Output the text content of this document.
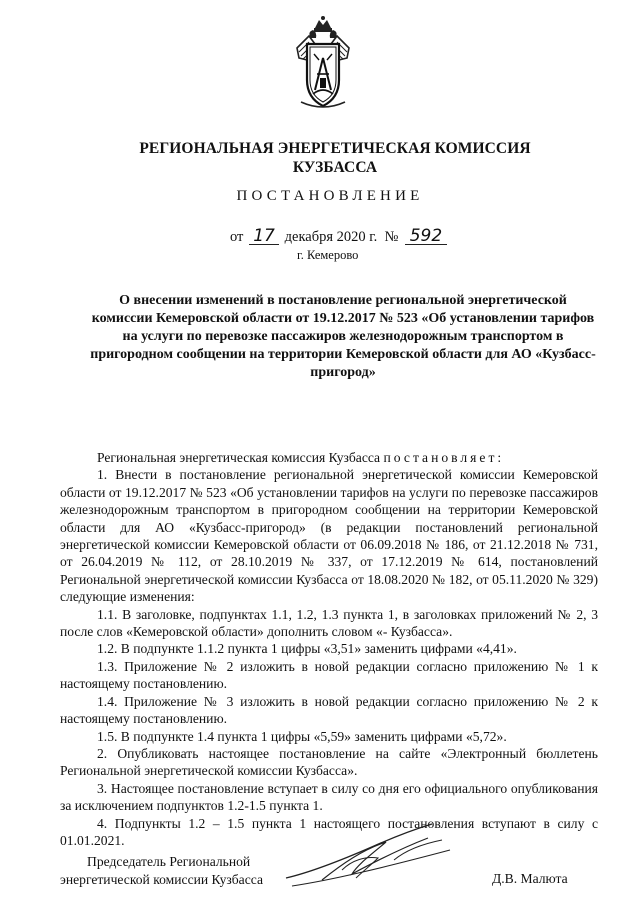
РЕГИОНАЛЬНАЯ ЭНЕРГЕТИЧЕСКАЯ КОМИССИЯ
КУЗБАССА
ПОСТАНОВЛЕНИЕ
от 17 декабря 2020 г. № 592
г. Кемерово
О внесении изменений в постановление региональной энергетической комиссии Кемеровской области от 19.12.2017 № 523 «Об установлении тарифов на услуги по перевозке пассажиров железнодорожным транспортом в пригородном сообщении на территории Кемеровской области для АО «Кузбасс-пригород»

Региональная энергетическая комиссия Кузбасса постановляет:

1. Внести в постановление региональной энергетической комиссии Кемеровской области от 19.12.2017 № 523 «Об установлении тарифов на услуги по перевозке пассажиров железнодорожным транспортом в пригородном сообщении на территории Кемеровской области для АО «Кузбасс-пригород» (в редакции постановлений региональной энергетической комиссии Кемеровской области от 06.09.2018 № 186, от 21.12.2018 № 731, от 26.04.2019 № 112, от 28.10.2019 № 337, от 17.12.2019 № 614, постановлений Региональной энергетической комиссии Кузбасса от 18.08.2020 № 182, от 05.11.2020 № 329) следующие изменения:

1.1. В заголовке, подпунктах 1.1, 1.2, 1.3 пункта 1, в заголовках приложений № 2, 3 после слов «Кемеровской области» дополнить словом «- Кузбасса».

1.2. В подпункте 1.1.2 пункта 1 цифры «3,51» заменить цифрами «4,41».

1.3. Приложение № 2 изложить в новой редакции согласно приложению № 1 к настоящему постановлению.

1.4. Приложение № 3 изложить в новой редакции согласно приложению № 2 к настоящему постановлению.

1.5. В подпункте 1.4 пункта 1 цифры «5,59» заменить цифрами «5,72».

2. Опубликовать настоящее постановление на сайте «Электронный бюллетень Региональной энергетической комиссии Кузбасса».

3. Настоящее постановление вступает в силу со дня его официального опубликования за исключением подпунктов 1.2-1.5 пункта 1.

4. Подпункты 1.2 – 1.5 пункта 1 настоящего постановления вступают в силу с 01.01.2021.

Председатель Региональной
энергетической комиссии Кузбасса	Д.В. Малюта
